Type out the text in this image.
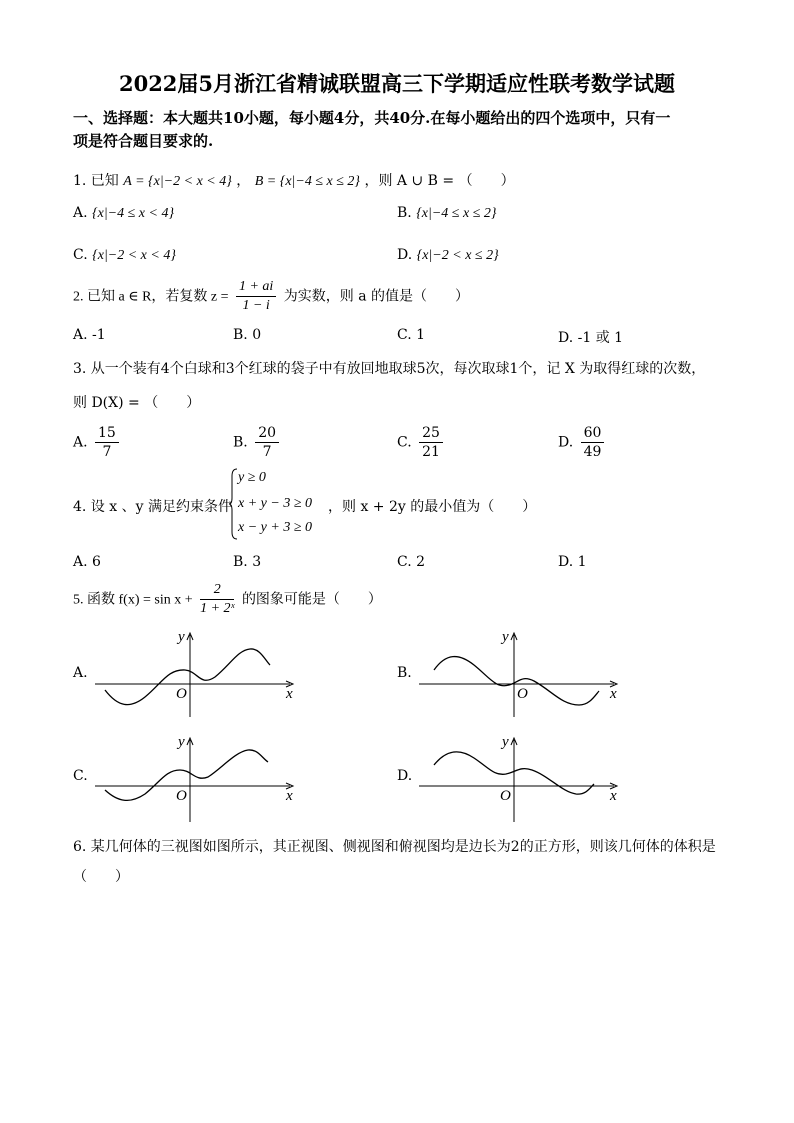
2022届5月浙江省精诚联盟高三下学期适应性联考数学试题
一、选择题：本大题共10小题，每小题4分，共40分.在每小题给出的四个选项中，只有一
项是符合题目要求的.
1. 已知 A = {x|−2 < x < 4} ， B = {x|−4 ≤ x ≤ 2} ，则 A ∪ B = （　　）
A. {x|−4 ≤ x < 4}	B. {x|−4 ≤ x ≤ 2}
C. {x|−2 < x < 4}	D. {x|−2 < x ≤ 2}
2. 已知 a ∈ R，若复数 $z = \frac{1 + ai}{1 - i}$ 为实数，则 a 的值是（　　）
A. -1	B. 0	C. 1	D. -1 或 1
3. 从一个装有4个白球和3个红球的袋子中有放回地取球5次，每次取球1个，记 X 为取得红球的次数，
则 D(X) = （　　）
A. $\frac{15}{7}$	B. $\frac{20}{7}$	C. $\frac{25}{21}$	D. $\frac{60}{49}$
4. 设 x 、y 满足约束条件
y ≥ 0
x + y − 3 ≥ 0
x − y + 3 ≥ 0
，则 x + 2y 的最小值为（　　）
A. 6	B. 3	C. 2	D. 1
5. 函数 $f(x) = \sin x + \frac{2}{\text{1 + 2ˣ}}$ 的图象可能是（　　）
A.
x
y
O
B.
x
y
O
C.
x
y
O
D.
x
y
O
6. 某几何体的三视图如图所示，其正视图、侧视图和俯视图均是边长为2的正方形，则该几何体的体积是
（　　）
